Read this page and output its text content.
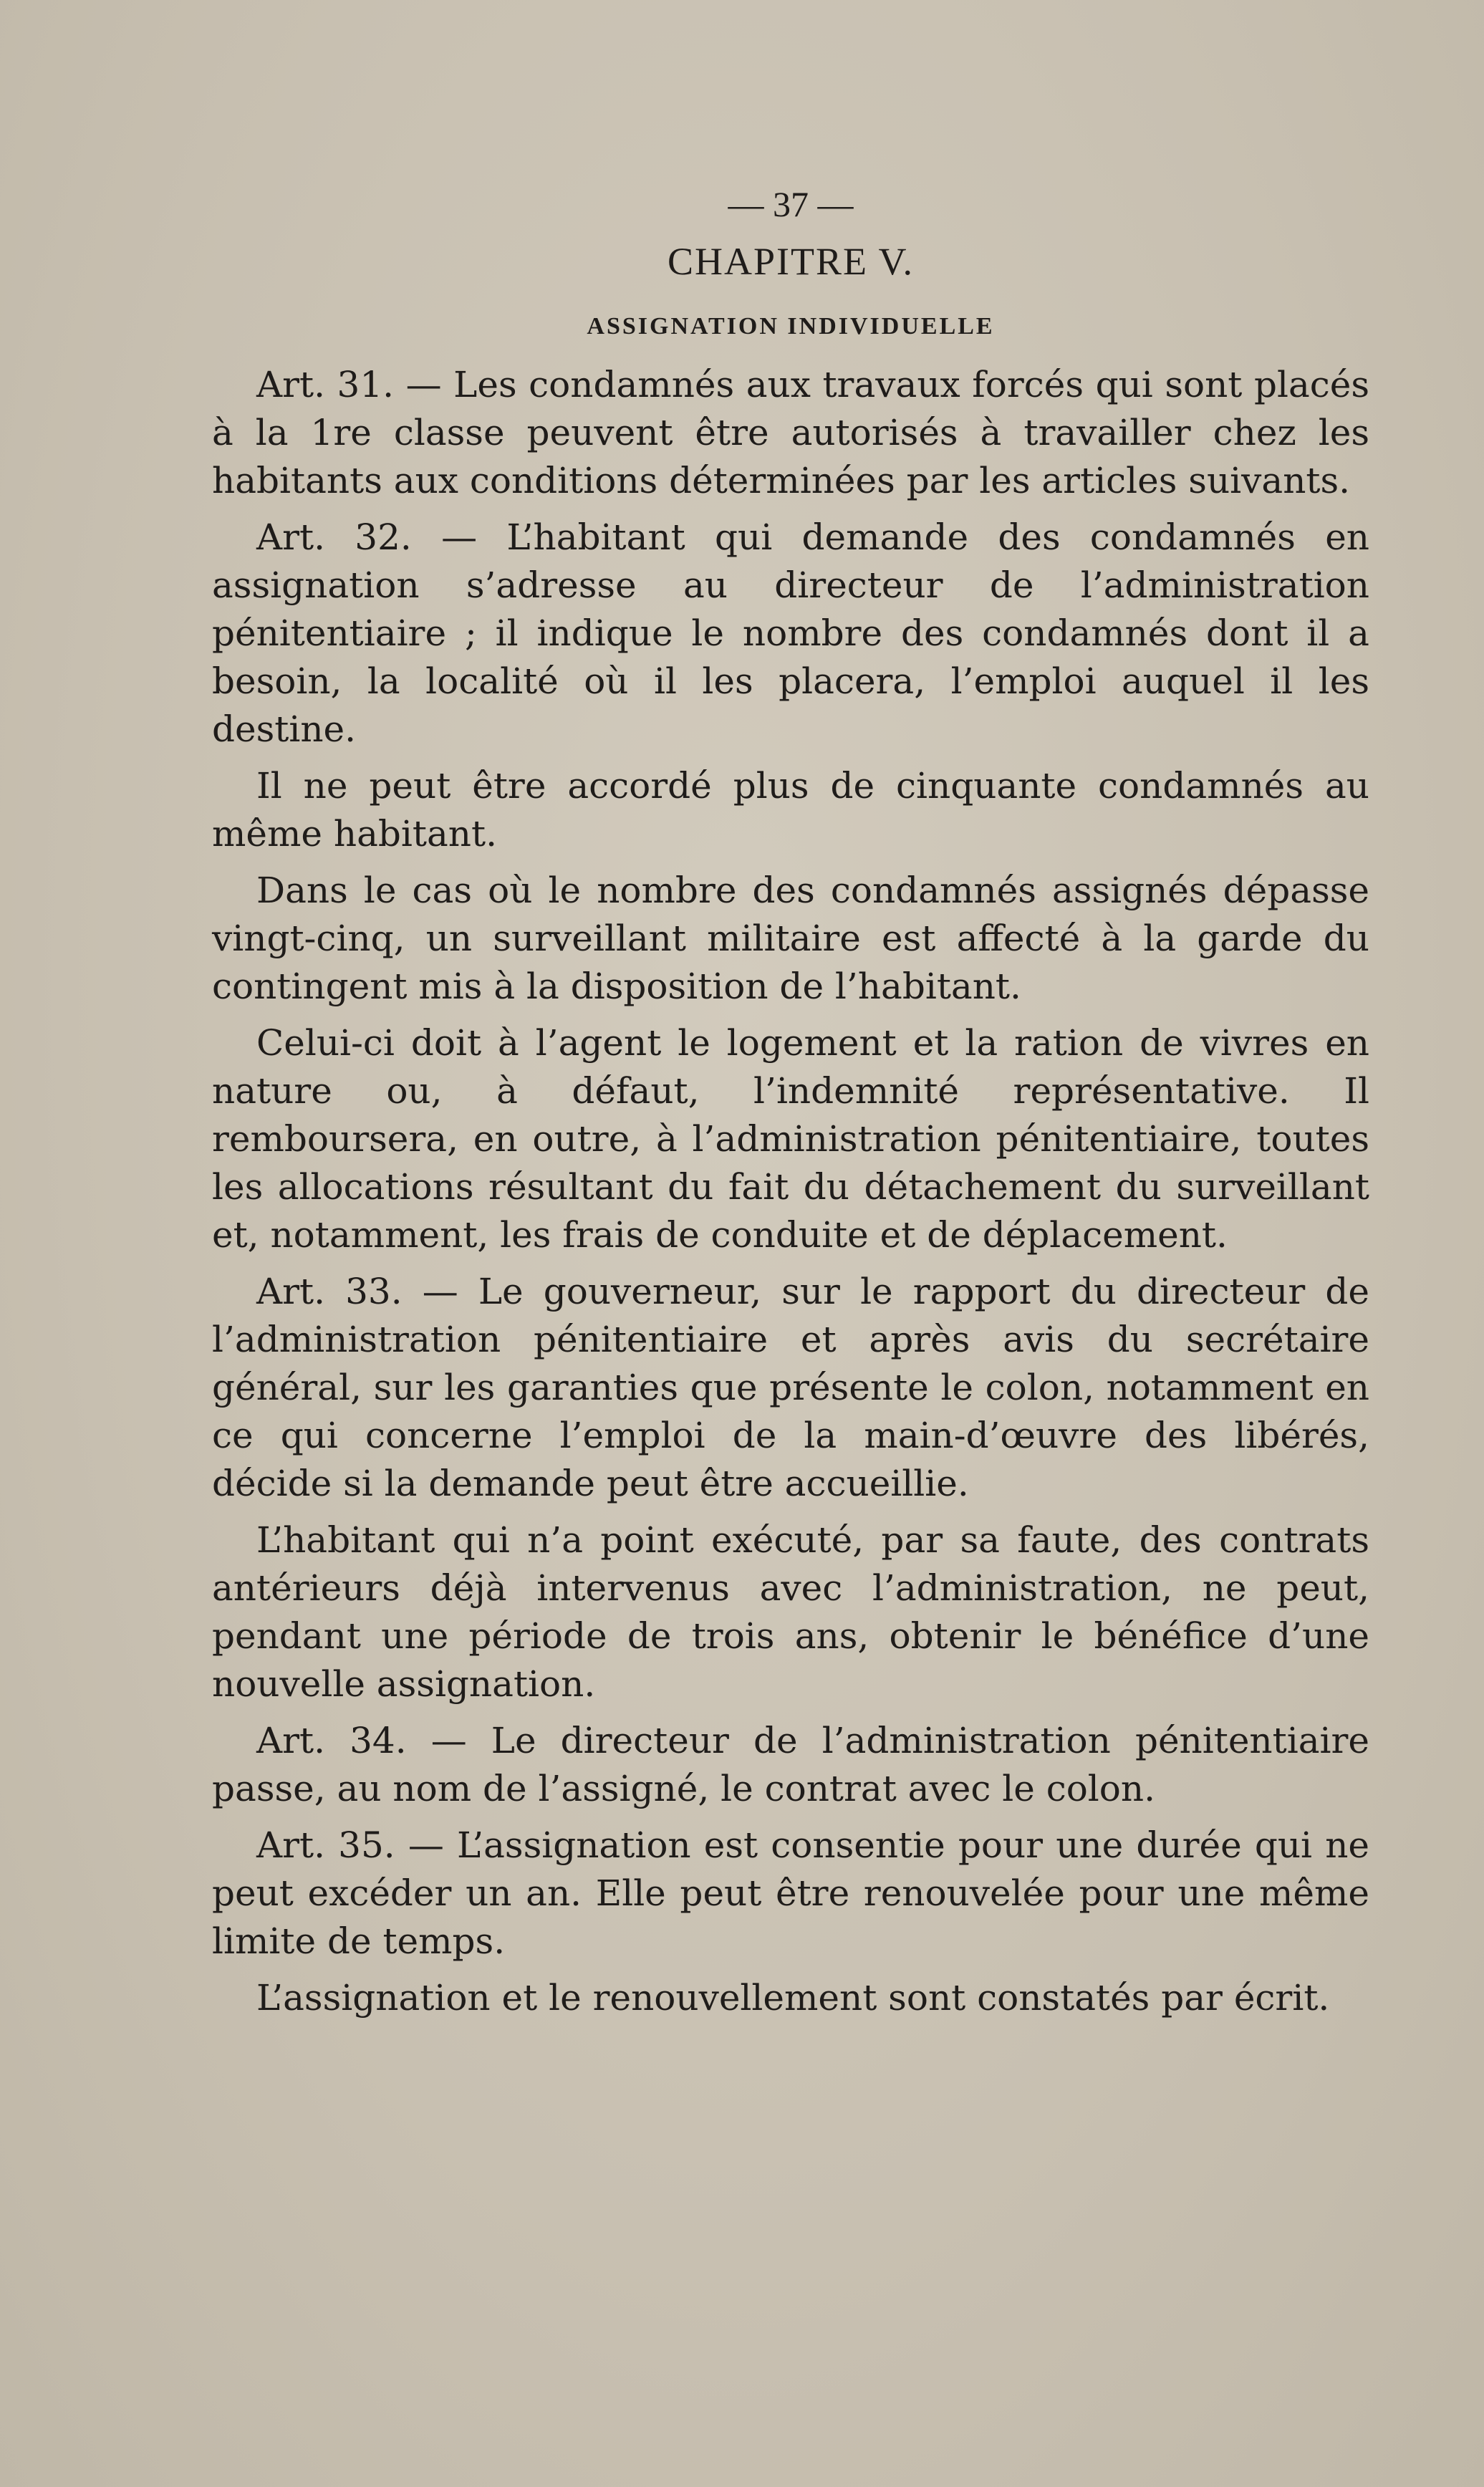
— 37 —
CHAPITRE V.
ASSIGNATION INDIVIDUELLE

Art. 31. — Les condamnés aux travaux forcés qui sont placés à la 1re classe peuvent être autorisés à travailler chez les habitants aux conditions déterminées par les articles suivants.

Art. 32. — L’habitant qui demande des condamnés en assignation s’adresse au directeur de l’administration pénitentiaire ; il indique le nombre des condamnés dont il a besoin, la localité où il les placera, l’emploi auquel il les destine.

Il ne peut être accordé plus de cinquante condamnés au même habitant.

Dans le cas où le nombre des condamnés assignés dépasse vingt-cinq, un surveillant militaire est affecté à la garde du contingent mis à la disposition de l’habitant.

Celui-ci doit à l’agent le logement et la ration de vivres en nature ou, à défaut, l’indemnité représentative. Il remboursera, en outre, à l’administration pénitentiaire, toutes les allocations résultant du fait du détachement du surveillant et, notamment, les frais de conduite et de déplacement.

Art. 33. — Le gouverneur, sur le rapport du directeur de l’administration pénitentiaire et après avis du secrétaire général, sur les garanties que présente le colon, notamment en ce qui concerne l’emploi de la main-d’œuvre des libérés, décide si la demande peut être accueillie.

L’habitant qui n’a point exécuté, par sa faute, des contrats antérieurs déjà intervenus avec l’administration, ne peut, pendant une période de trois ans, obtenir le bénéfice d’une nouvelle assignation.

Art. 34. — Le directeur de l’administration pénitentiaire passe, au nom de l’assigné, le contrat avec le colon.

Art. 35. — L’assignation est consentie pour une durée qui ne peut excéder un an. Elle peut être renouvelée pour une même limite de temps.

L’assignation et le renouvellement sont constatés par écrit.
